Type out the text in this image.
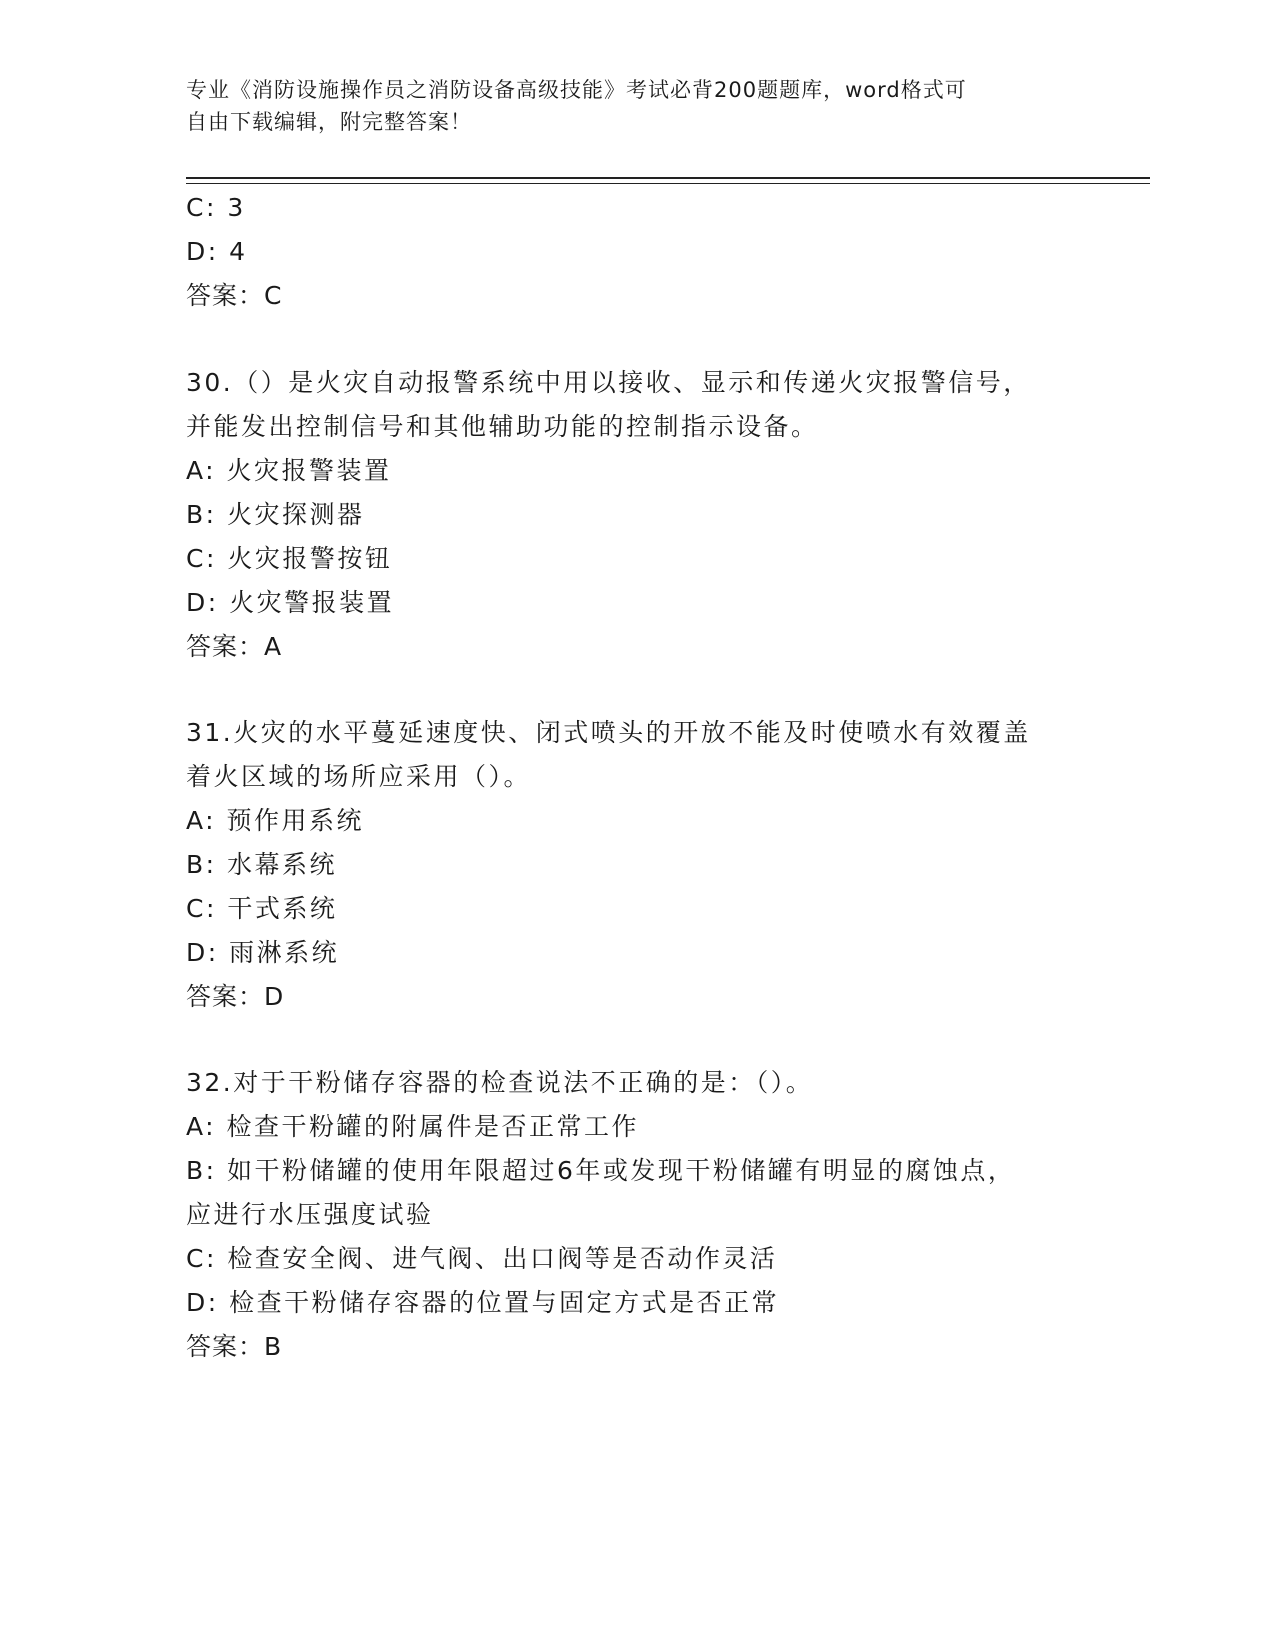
专业《消防设施操作员之消防设备高级技能》考试必背200题题库，word格式可
自由下载编辑，附完整答案！
C: 3
D: 4
答案：C
30.（）是火灾自动报警系统中用以接收、显示和传递火灾报警信号，
并能发出控制信号和其他辅助功能的控制指示设备。
A: 火灾报警装置
B: 火灾探测器
C: 火灾报警按钮
D: 火灾警报装置
答案：A
31.火灾的水平蔓延速度快、闭式喷头的开放不能及时使喷水有效覆盖
着火区域的场所应采用（）。
A: 预作用系统
B: 水幕系统
C: 干式系统
D: 雨淋系统
答案：D
32.对于干粉储存容器的检查说法不正确的是：（）。
A: 检查干粉罐的附属件是否正常工作
B: 如干粉储罐的使用年限超过6年或发现干粉储罐有明显的腐蚀点，
应进行水压强度试验
C: 检查安全阀、进气阀、出口阀等是否动作灵活
D: 检查干粉储存容器的位置与固定方式是否正常
答案：B
